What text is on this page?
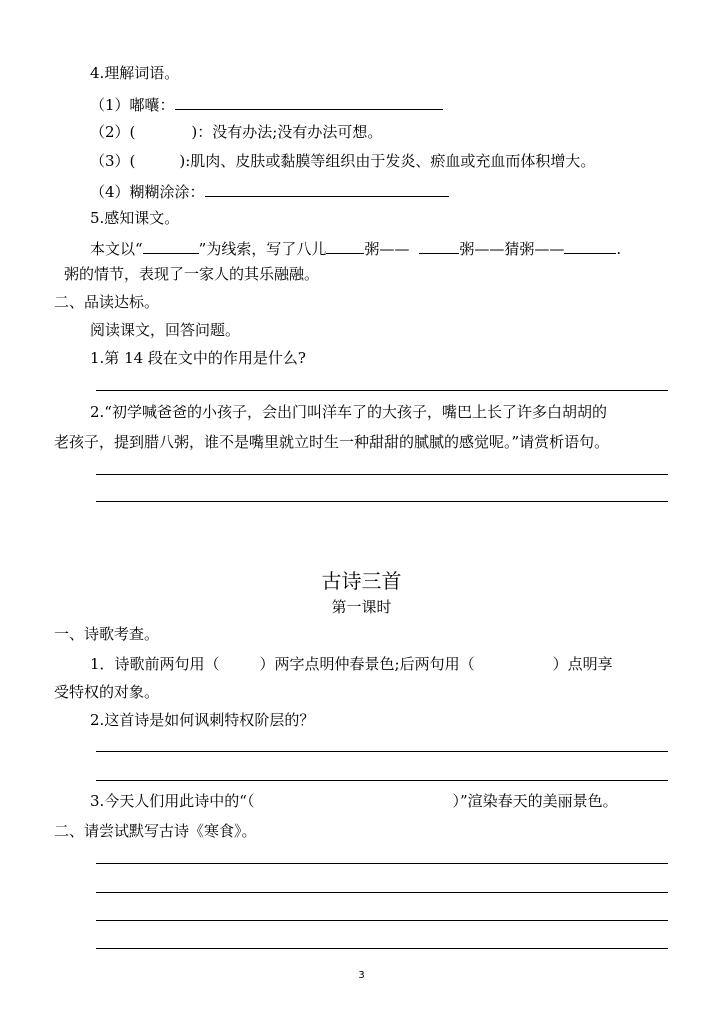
4.理解词语。
（1）嘟囔：
（2）(	)：没有办法;没有办法可想。
（3）(	):肌肉、皮肤或黏膜等组织由于发炎、瘀血或充血而体积增大。
（4）糊糊涂涂：
5.感知课文。
本文以“	”为线索，写了八儿	粥——	粥——猜粥——	.
粥的情节，表现了一家人的其乐融融。
二、品读达标。
阅读课文，回答问题。
1.第 14 段在文中的作用是什么?
2.“初学喊爸爸的小孩子，会出门叫洋车了的大孩子，嘴巴上长了许多白胡胡的
老孩子，提到腊八粥，谁不是嘴里就立时生一种甜甜的腻腻的感觉呢。”请赏析语句。
古诗三首
第一课时
一、诗歌考查。
1．诗歌前两句用（	）两字点明仲春景色;后两句用（	）点明享
受特权的对象。
2.这首诗是如何讽刺特权阶层的？
3.今天人们用此诗中的“（	）”渲染春天的美丽景色。
二、请尝试默写古诗《寒食》。
3
